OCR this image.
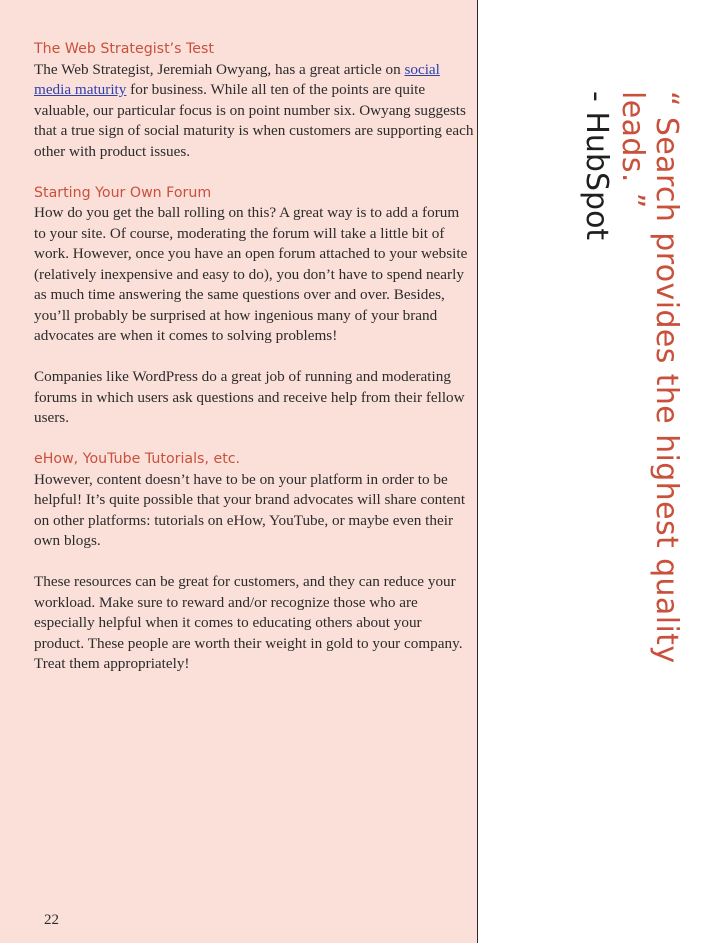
The Web Strategist’s Test

The Web Strategist, Jeremiah Owyang, has a great article on social media maturity for business. While all ten of the points are quite valuable, our particular focus is on point number six. Owyang suggests that a true sign of social maturity is when customers are supporting each other with product issues.

Starting Your Own Forum

How do you get the ball rolling on this? A great way is to add a forum to your site. Of course, moderating the forum will take a little bit of work. However, once you have an open forum attached to your website (relatively inexpensive and easy to do), you don’t have to spend nearly as much time answering the same questions over and over. Besides, you’ll probably be surprised at how ingenious many of your brand advocates are when it comes to solving problems!

Companies like WordPress do a great job of running and moderating forums in which users ask questions and receive help from their fellow users.

eHow, YouTube Tutorials, etc.

However, content doesn’t have to be on your platform in order to be helpful! It’s quite possible that your brand advocates will share content on other platforms: tutorials on eHow, YouTube, or maybe even their own blogs.

These resources can be great for customers, and they can reduce your workload. Make sure to reward and/or recognize those who are especially helpful when it comes to educating others about your product. These people are worth their weight in gold to your company. Treat them appropriately!

22
“ Search provides the highest quality leads. ”
- HubSpot
